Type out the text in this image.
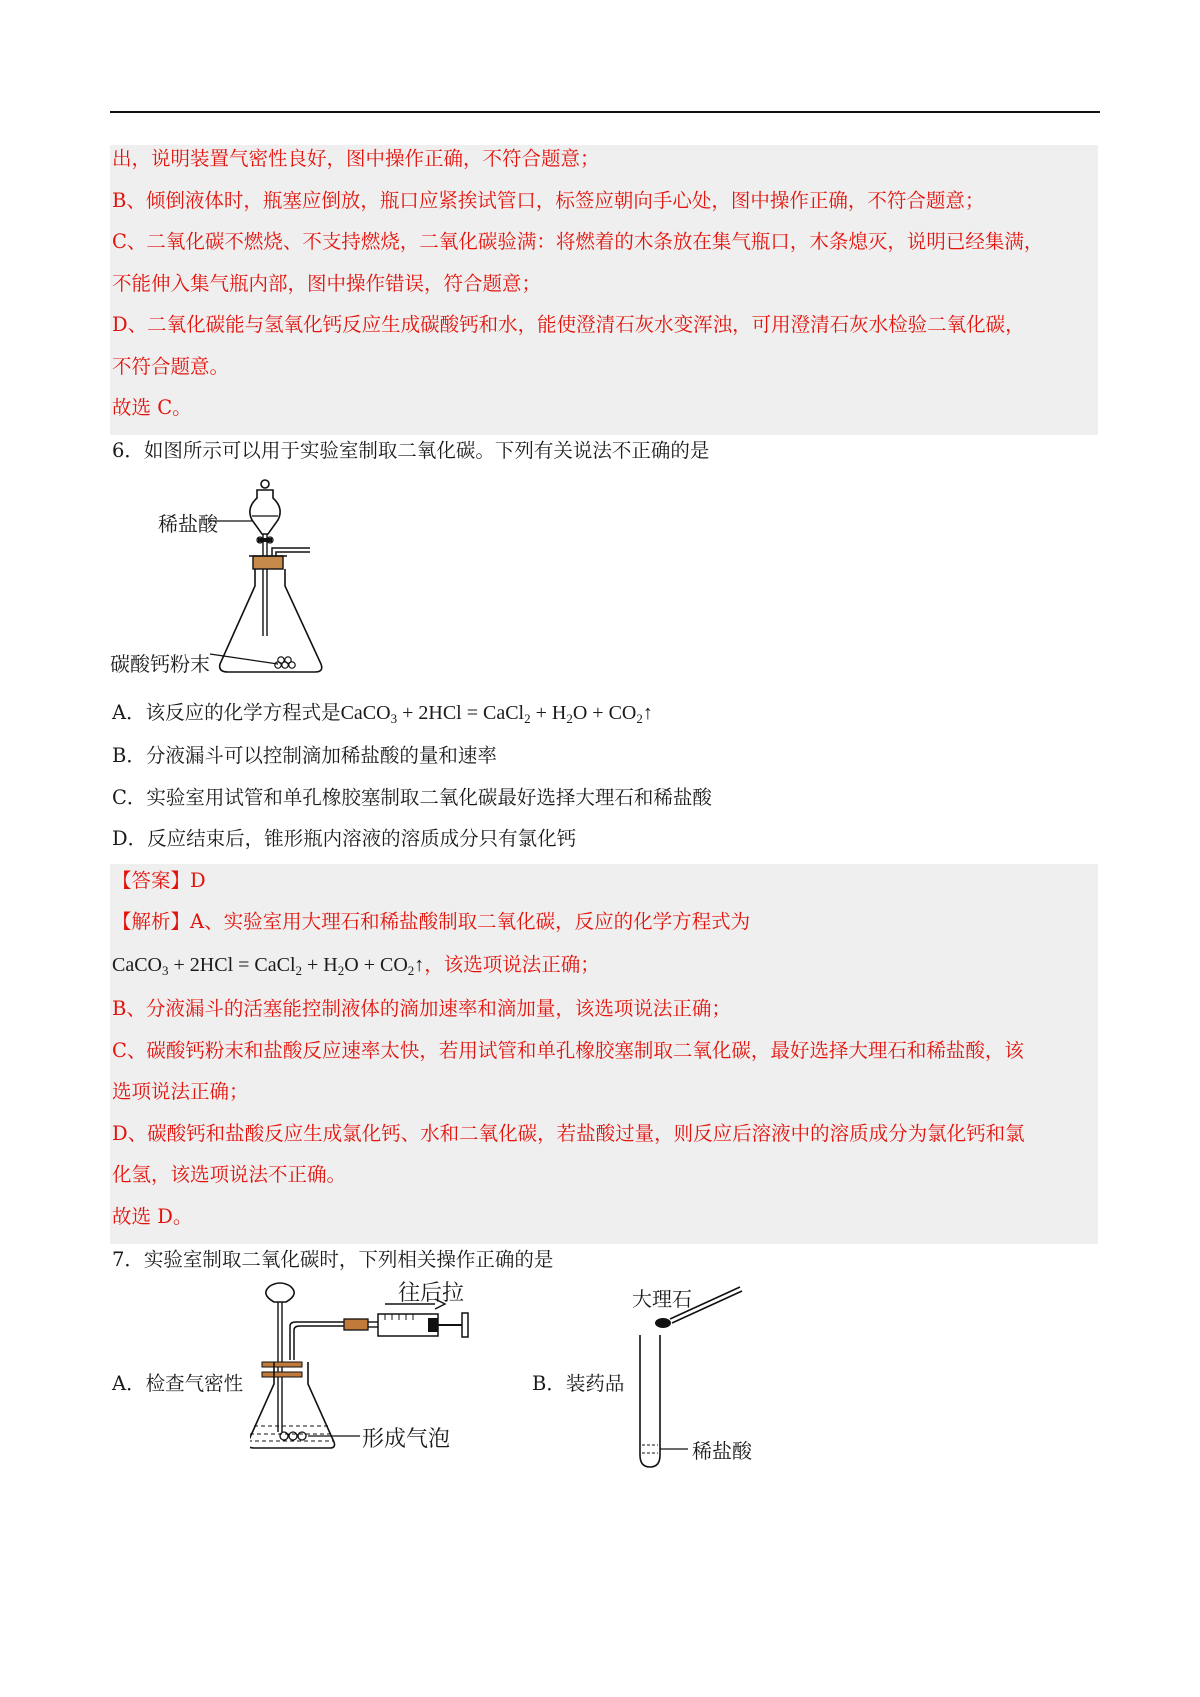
出，说明装置气密性良好，图中操作正确，不符合题意；
B、倾倒液体时，瓶塞应倒放，瓶口应紧挨试管口，标签应朝向手心处，图中操作正确，不符合题意；
C、二氧化碳不燃烧、不支持燃烧，二氧化碳验满：将燃着的木条放在集气瓶口，木条熄灭，说明已经集满，
不能伸入集气瓶内部，图中操作错误，符合题意；
D、二氧化碳能与氢氧化钙反应生成碳酸钙和水，能使澄清石灰水变浑浊，可用澄清石灰水检验二氧化碳，
不符合题意。
故选 C。
6．如图所示可以用于实验室制取二氧化碳。下列有关说法不正确的是
稀盐酸
碳酸钙粉末
A．该反应的化学方程式是CaCO$_3$ + 2HCl = CaCl$_2$ + $H_2O$ + $CO_2↑$
B．分液漏斗可以控制滴加稀盐酸的量和速率
C．实验室用试管和单孔橡胶塞制取二氧化碳最好选择大理石和稀盐酸
D．反应结束后，锥形瓶内溶液的溶质成分只有氯化钙
【答案】D
【解析】A、实验室用大理石和稀盐酸制取二氧化碳，反应的化学方程式为
CaCO$_3$ + 2HCl = CaCl$_2$ + $H_2O$ + $CO_2↑$，该选项说法正确；
B、分液漏斗的活塞能控制液体的滴加速率和滴加量，该选项说法正确；
C、碳酸钙粉末和盐酸反应速率太快，若用试管和单孔橡胶塞制取二氧化碳，最好选择大理石和稀盐酸，该
选项说法正确；
D、碳酸钙和盐酸反应生成氯化钙、水和二氧化碳，若盐酸过量，则反应后溶液中的溶质成分为氯化钙和氯
化氢，该选项说法不正确。
故选 D。
7．实验室制取二氧化碳时，下列相关操作正确的是
A．检查气密性
往后拉
形成气泡
B．装药品
大理石
稀盐酸
